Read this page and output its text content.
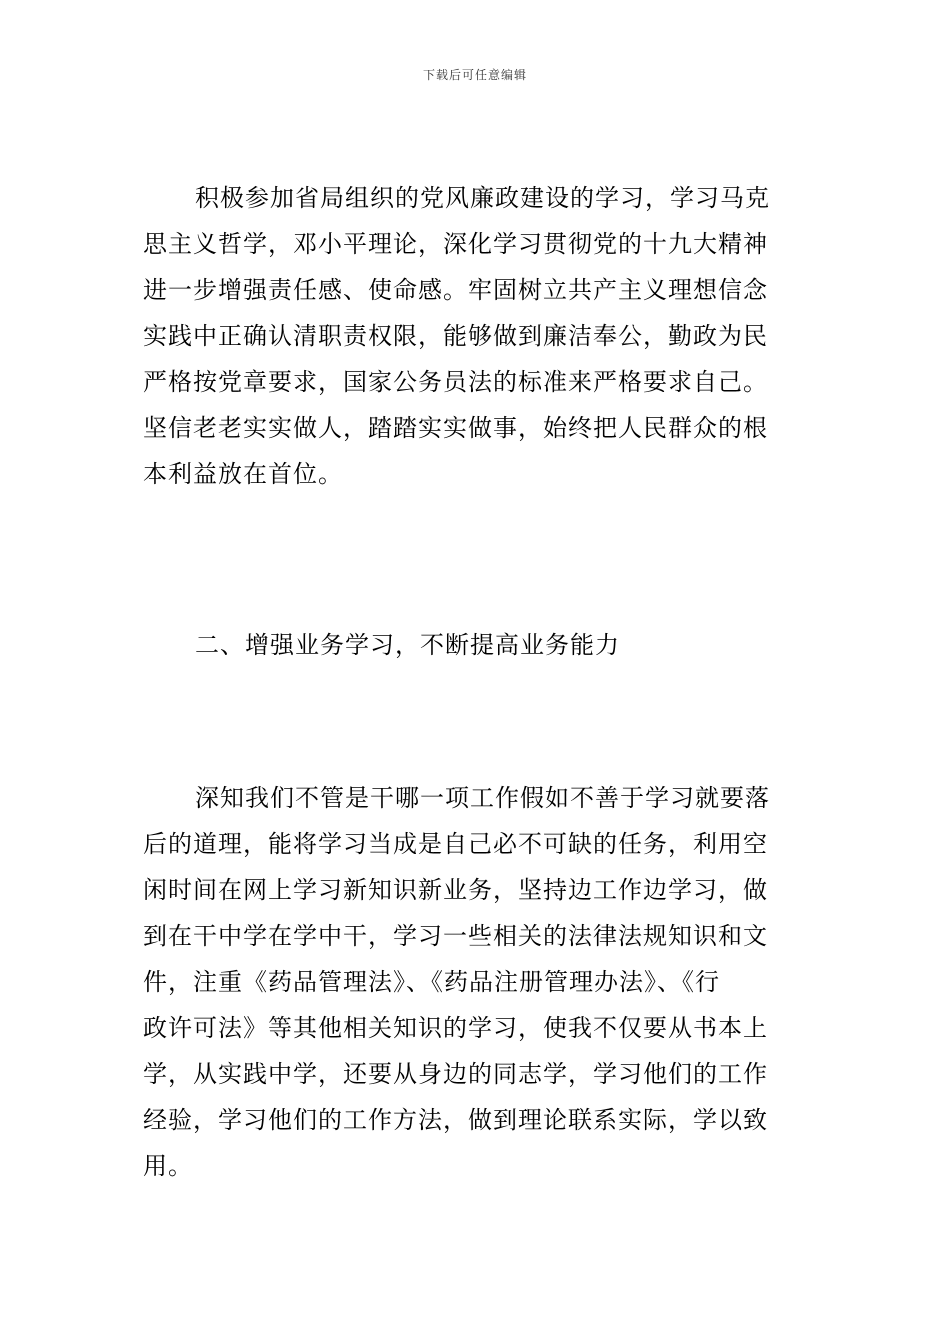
下载后可任意编辑
积极参加省局组织的党风廉政建设的学习，学习马克
思主义哲学，邓小平理论，深化学习贯彻党的十九大精神
进一步增强责任感、使命感。牢固树立共产主义理想信念
实践中正确认清职责权限，能够做到廉洁奉公，勤政为民
严格按党章要求，国家公务员法的标准来严格要求自己。
坚信老老实实做人，踏踏实实做事，始终把人民群众的根
本利益放在首位。
二、增强业务学习，不断提高业务能力
深知我们不管是干哪一项工作假如不善于学习就要落
后的道理，能将学习当成是自己必不可缺的任务，利用空
闲时间在网上学习新知识新业务，坚持边工作边学习，做
到在干中学在学中干，学习一些相关的法律法规知识和文
件，注重《药品管理法》、《药品注册管理办法》、《行
政许可法》等其他相关知识的学习，使我不仅要从书本上
学，从实践中学，还要从身边的同志学，学习他们的工作
经验，学习他们的工作方法，做到理论联系实际，学以致
用。
